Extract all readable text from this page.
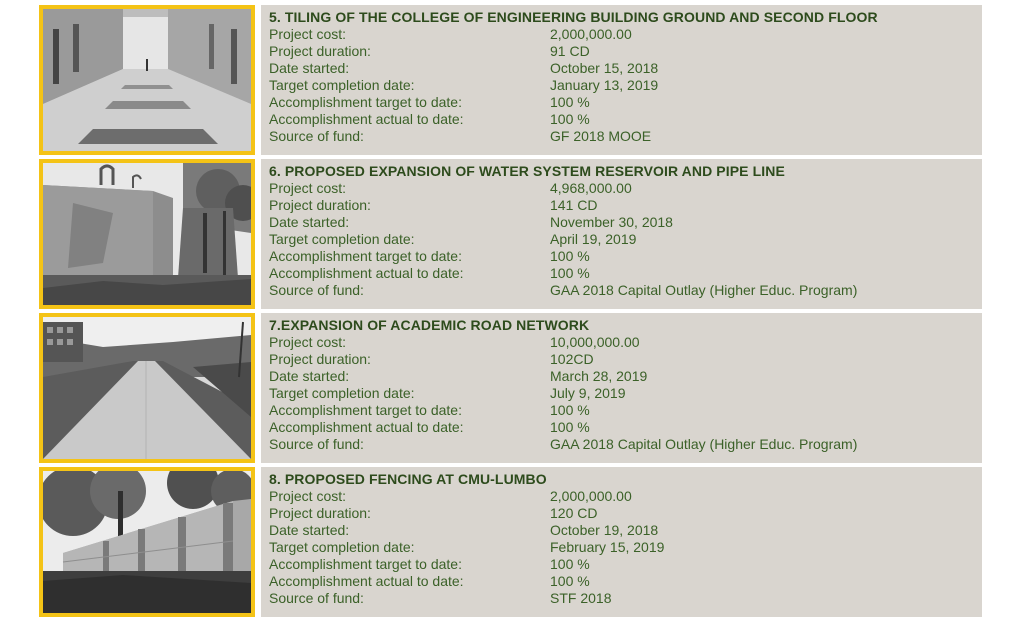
5. TILING OF THE COLLEGE OF ENGINEERING BUILDING GROUND AND SECOND FLOOR
Project cost:	2,000,000.00
Project duration:	91 CD
Date started:	October 15, 2018
Target completion date:	January 13, 2019
Accomplishment target to date:	100 %
Accomplishment actual to date:	100 %
Source of fund:	GF 2018 MOOE
6. PROPOSED EXPANSION OF WATER SYSTEM RESERVOIR AND PIPE LINE
Project cost:	4,968,000.00
Project duration:	141 CD
Date started:	November 30, 2018
Target completion date:	April 19, 2019
Accomplishment target to date:	100 %
Accomplishment actual to date:	100 %
Source of fund:	GAA 2018 Capital Outlay (Higher Educ. Program)
7.EXPANSION OF ACADEMIC ROAD NETWORK
Project cost:	10,000,000.00
Project duration:	102CD
Date started:	March 28, 2019
Target completion date:	July 9, 2019
Accomplishment target to date:	100 %
Accomplishment actual to date:	100 %
Source of fund:	GAA 2018 Capital Outlay (Higher Educ. Program)
8. PROPOSED FENCING AT CMU-LUMBO
Project cost:	2,000,000.00
Project duration:	120 CD
Date started:	October 19, 2018
Target completion date:	February 15, 2019
Accomplishment target to date:	100 %
Accomplishment actual to date:	100 %
Source of fund:	STF 2018
